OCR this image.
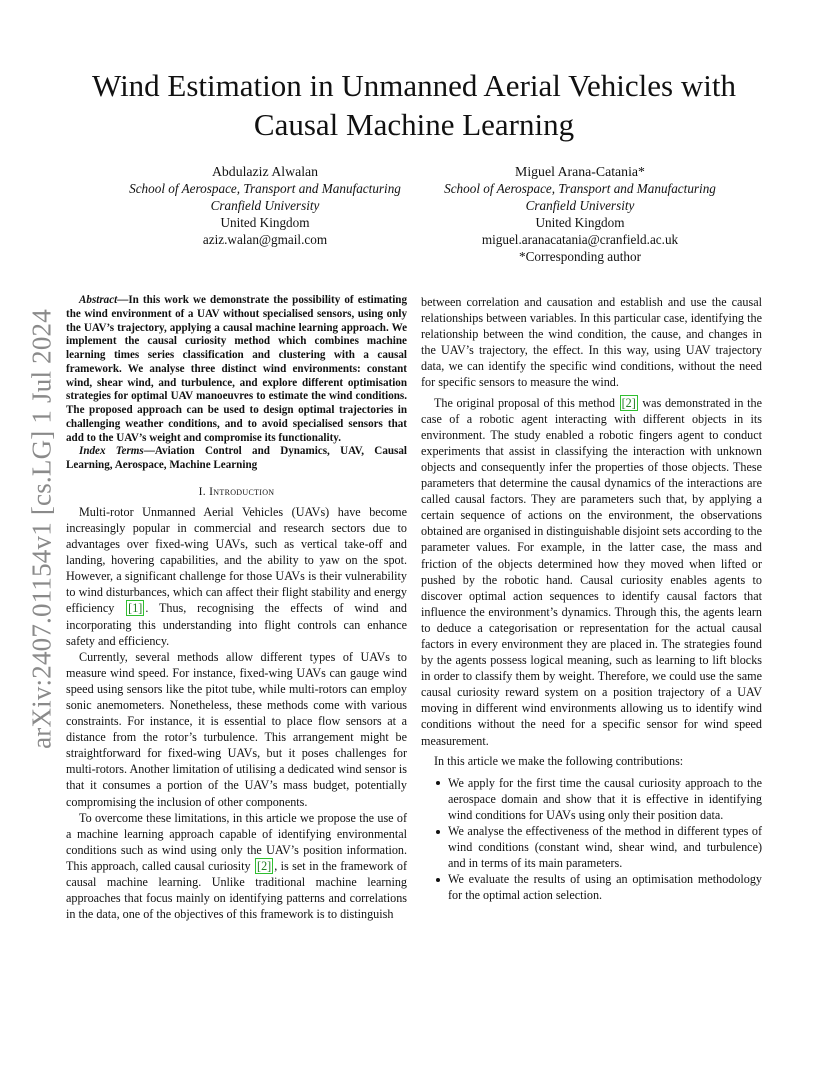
arXiv:2407.01154v1 [cs.LG] 1 Jul 2024
Wind Estimation in Unmanned Aerial Vehicles with
Causal Machine Learning
Abdulaziz Alwalan
School of Aerospace, Transport and Manufacturing
Cranfield University
United Kingdom
aziz.walan@gmail.com
Miguel Arana-Catania*
School of Aerospace, Transport and Manufacturing
Cranfield University
United Kingdom
miguel.aranacatania@cranfield.ac.uk
*Corresponding author

Abstract—In this work we demonstrate the possibility of estimating the wind environment of a UAV without specialised sensors, using only the UAV’s trajectory, applying a causal machine learning approach. We implement the causal curiosity method which combines machine learning times series classification and clustering with a causal framework. We analyse three distinct wind environments: constant wind, shear wind, and turbulence, and explore different optimisation strategies for optimal UAV manoeuvres to estimate the wind conditions. The proposed approach can be used to design optimal trajectories in challenging weather conditions, and to avoid specialised sensors that add to the UAV’s weight and compromise its functionality.

Index Terms—Aviation Control and Dynamics, UAV, Causal Learning, Aerospace, Machine Learning

I. Introduction

Multi-rotor Unmanned Aerial Vehicles (UAVs) have become increasingly popular in commercial and research sectors due to advantages over fixed-wing UAVs, such as vertical take-off and landing, hovering capabilities, and the ability to yaw on the spot. However, a significant challenge for those UAVs is their vulnerability to wind disturbances, which can affect their flight stability and energy efficiency [1] . Thus, recognising the effects of wind and incorporating this understanding into flight controls can enhance safety and efficiency.

Currently, several methods allow different types of UAVs to measure wind speed. For instance, fixed-wing UAVs can gauge wind speed using sensors like the pitot tube, while multi-rotors can employ sonic anemometers. Nonetheless, these methods come with various constraints. For instance, it is essential to place flow sensors at a distance from the rotor’s turbulence. This arrangement might be straightforward for fixed-wing UAVs, but it poses challenges for multi-rotors. Another limitation of utilising a dedicated wind sensor is that it consumes a portion of the UAV’s mass budget, potentially compromising the inclusion of other components.

To overcome these limitations, in this article we propose the use of a machine learning approach capable of identifying environmental conditions such as wind using only the UAV’s position information. This approach, called causal curiosity [2] , is set in the framework of causal machine learning. Unlike traditional machine learning approaches that focus mainly on identifying patterns and correlations in the data, one of the objectives of this framework is to distinguish

between correlation and causation and establish and use the causal relationships between variables. In this particular case, identifying the relationship between the wind condition, the cause, and changes in the UAV’s trajectory, the effect. In this way, using UAV trajectory data, we can identify the specific wind conditions, without the need for specific sensors to measure the wind.

The original proposal of this method [2] was demonstrated in the case of a robotic agent interacting with different objects in its environment. The study enabled a robotic fingers agent to conduct experiments that assist in classifying the interaction with unknown objects and consequently infer the properties of those objects. These parameters that determine the causal dynamics of the interactions are called causal factors. They are parameters such that, by applying a certain sequence of actions on the environment, the observations obtained are organised in distinguishable disjoint sets according to the parameter values. For example, in the latter case, the mass and friction of the objects determined how they moved when lifted or pushed by the robotic hand. Causal curiosity enables agents to discover optimal action sequences to identify causal factors that influence the environment’s dynamics. Through this, the agents learn to deduce a categorisation or representation for the actual causal factors in every environment they are placed in. The strategies found by the agents possess logical meaning, such as learning to lift blocks in order to classify them by weight. Therefore, we could use the same causal curiosity reward system on a position trajectory of a UAV moving in different wind environments allowing us to identify wind conditions without the need for a specific sensor for wind speed measurement.

In this article we make the following contributions:

We apply for the first time the causal curiosity approach to the aerospace domain and show that it is effective in identifying wind conditions for UAVs using only their position data.
We analyse the effectiveness of the method in different types of wind conditions (constant wind, shear wind, and turbulence) and in terms of its main parameters.
We evaluate the results of using an optimisation methodology for the optimal action selection.
